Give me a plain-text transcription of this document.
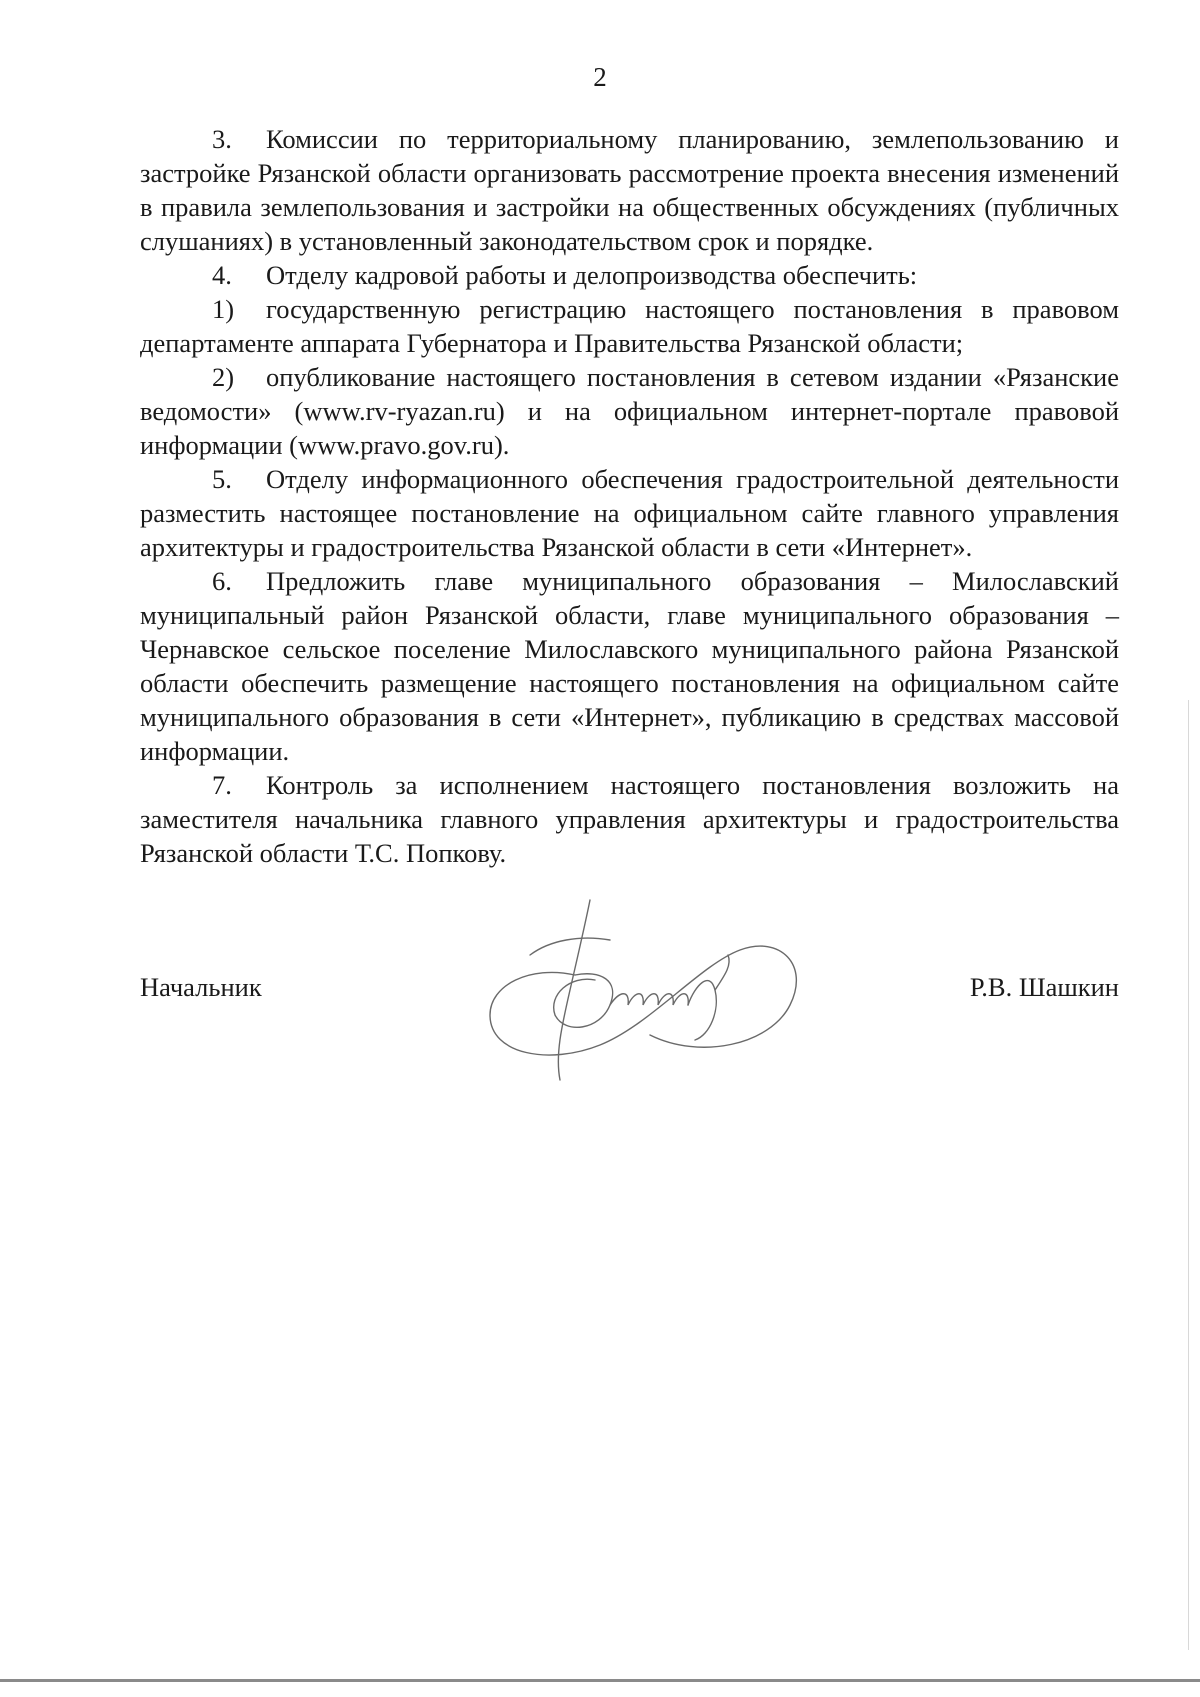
2

3. Комиссии по территориальному планированию, землепользованию и застройке Рязанской области организовать рассмотрение проекта внесения изменений в правила землепользования и застройки на общественных обсуждениях (публичных слушаниях) в установленный законодательством срок и порядке.

4. Отделу кадровой работы и делопроизводства обеспечить:

1) государственную регистрацию настоящего постановления в правовом департаменте аппарата Губернатора и Правительства Рязанской области;

2) опубликование настоящего постановления в сетевом издании «Рязанские ведомости» (www.rv-ryazan.ru) и на официальном интернет-портале правовой информации (www.pravo.gov.ru).

5. Отделу информационного обеспечения градостроительной деятельности разместить настоящее постановление на официальном сайте главного управления архитектуры и градостроительства Рязанской области в сети «Интернет».

6. Предложить главе муниципального образования – Милославский муниципальный район Рязанской области, главе муниципального образования – Чернавское сельское поселение Милославского муниципального района Рязанской области обеспечить размещение настоящего постановления на официальном сайте муниципального образования в сети «Интернет», публикацию в средствах массовой информации.

7. Контроль за исполнением настоящего постановления возложить на заместителя начальника главного управления архитектуры и градостроительства Рязанской области Т.С. Попкову.

Начальник	Р.В. Шашкин
